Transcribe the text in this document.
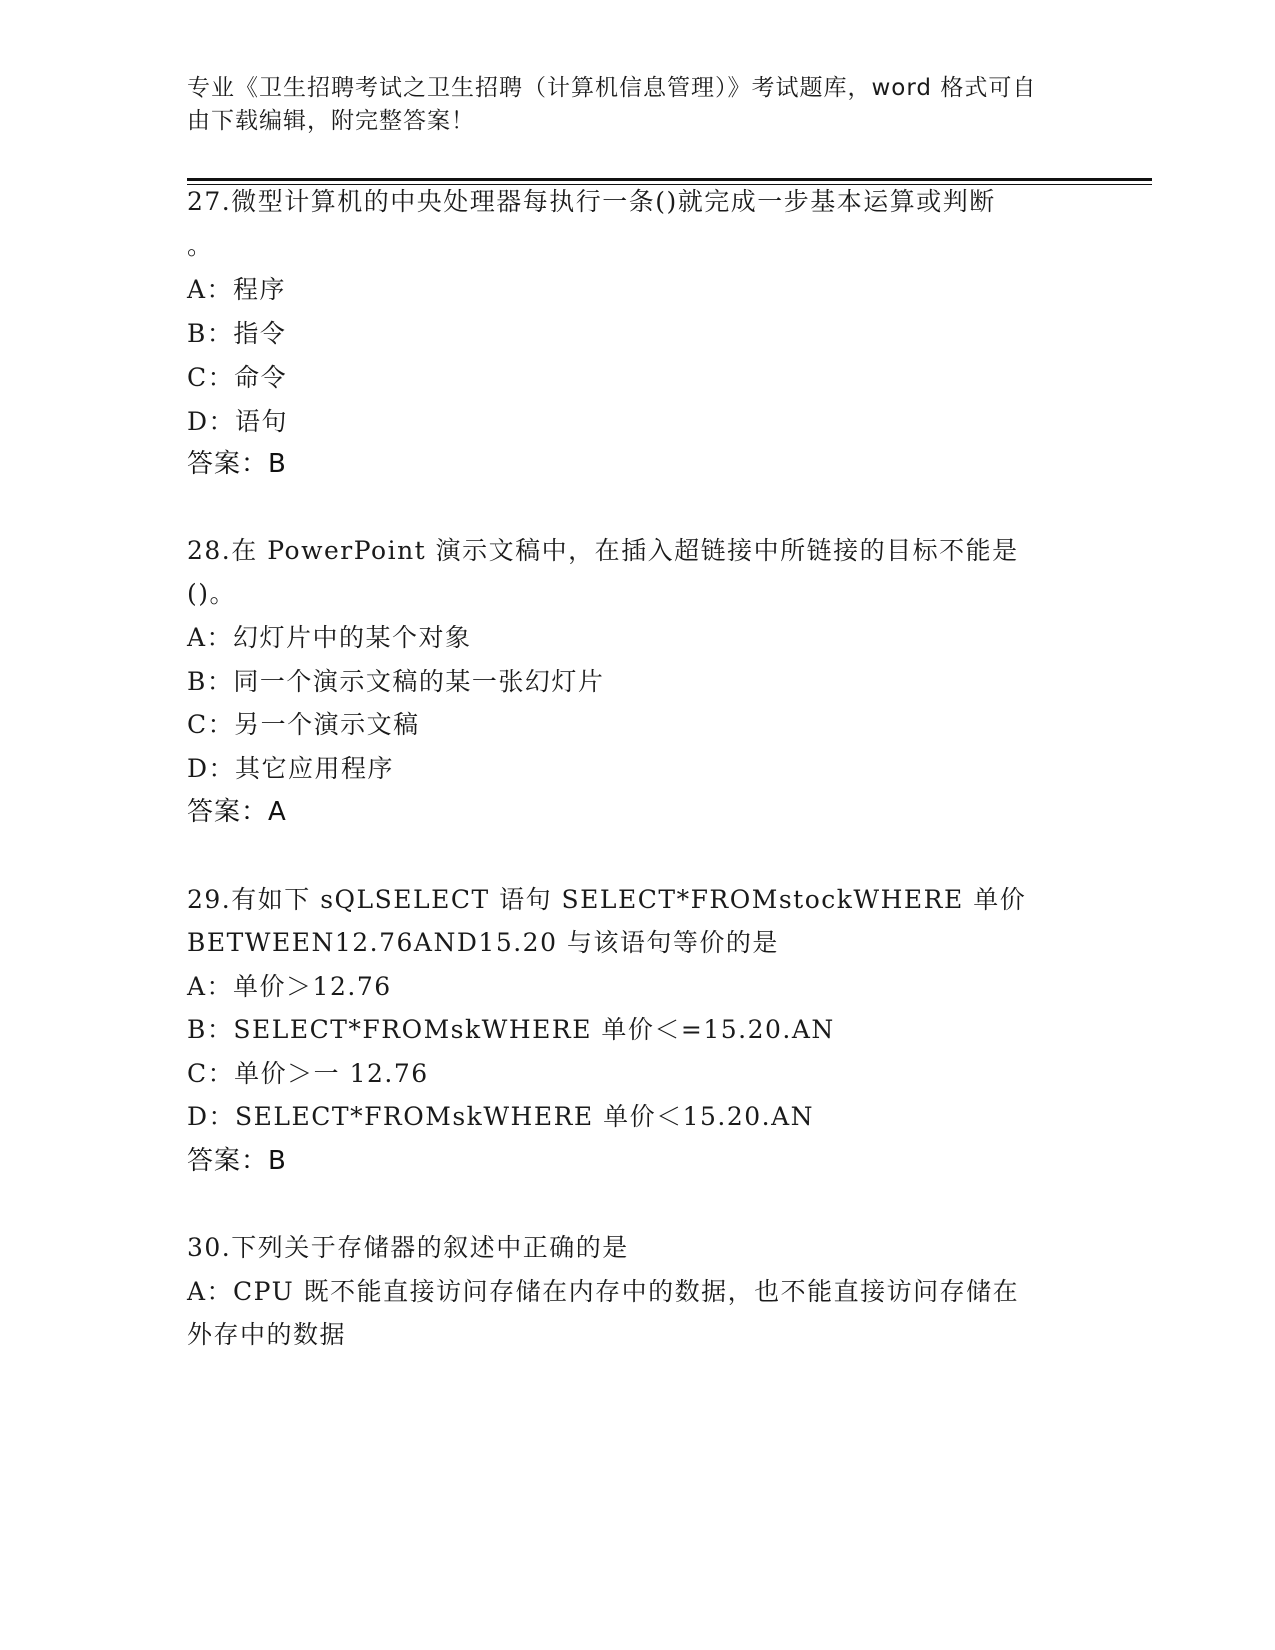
专业《卫生招聘考试之卫生招聘（计算机信息管理）》考试题库，word 格式可自
由下载编辑，附完整答案！
27.微型计算机的中央处理器每执行一条()就完成一步基本运算或判断
。
A：程序
B：指令
C：命令
D：语句
答案：B
28.在 PowerPoint 演示文稿中，在插入超链接中所链接的目标不能是
()。
A：幻灯片中的某个对象
B：同一个演示文稿的某一张幻灯片
C：另一个演示文稿
D：其它应用程序
答案：A
29.有如下 sQLSELECT 语句 SELECT*FROMstockWHERE 单价
BETWEEN12.76AND15.20 与该语句等价的是
A：单价＞12.76
B：SELECT*FROMskWHERE 单价＜=15.20.AN
C：单价＞一 12.76
D：SELECT*FROMskWHERE 单价＜15.20.AN
答案：B
30.下列关于存储器的叙述中正确的是
A：CPU 既不能直接访问存储在内存中的数据，也不能直接访问存储在
外存中的数据
